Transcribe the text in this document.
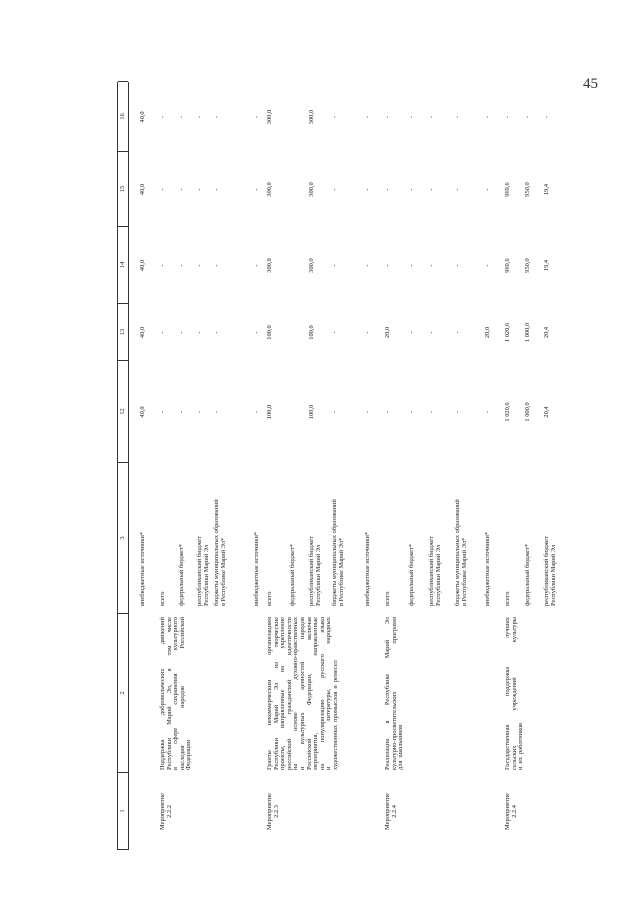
45
1
2
3
12
13
14
15
16
Мероприятие 2.2.2
Поддержка
добровольческих
движений
Республики
Марий
Эл,
в
том
числе
в
сфере
сохранения
культурного
наследия
народов
Российской
Федерации
Мероприятие 2.2.3
Гранты
некоммерческим
организациям
Республики
Марий
Эл
на
творческие
проекты,
направленные
на
укрепление
российской
гражданской
идентичности
на
основе
духовно-нравственных
и
культурных
ценностей
народов
Российской
Федерации,
включая
мероприятия,
направленные
на
популяризацию
русского
языка
и
литературы,
народных
художественных
промыслов
и
ремесел
Мероприятие 2.2.4
Реализация
в
Республике
Марий
Эл
культурно-просветительских
программ
для
школьников
Мероприятие 2.2.4
Государственная
поддержка
лучших
сельских
учреждений
культуры
и
их
работников
внебюджетные источники*
40,0
40,0
40,0
40,0
40,0
всего
-
-
-
-
-
федеральный бюджет*
-
-
-
-
-
республиканский бюджет Республики Марий Эл
-
-
-
-
-
бюджеты муниципальных образований в Республике Марий Эл*
-
-
-
-
-
внебюджетные источники*
-
-
-
-
-
всего
100,0
100,0
300,0
300,0
300,0
федеральный бюджет* республиканский бюджет Республики Марий Эл
100,0
100,0
300,0
300,0
300,0
бюджеты муниципальных образований в Республике Марий Эл*
-
-
-
-
-
внебюджетные источники*
-
-
-
-
-
всего
-
20,0
-
-
-
федеральный бюджет*
-
-
-
-
-
республиканский бюджет Республики Марий Эл
-
-
-
-
-
бюджеты муниципальных образований в Республике Марий Эл*
-
-
-
-
-
внебюджетные источники*
-
20,0
-
-
-
всего
1 020,6
1 020,6
969,6
969,6
-
федеральный бюджет*
1 000,0
1 000,0
950,0
950,0
-
республиканский бюджет Республики Марий Эл
20,4
20,4
19,4
19,4
-
